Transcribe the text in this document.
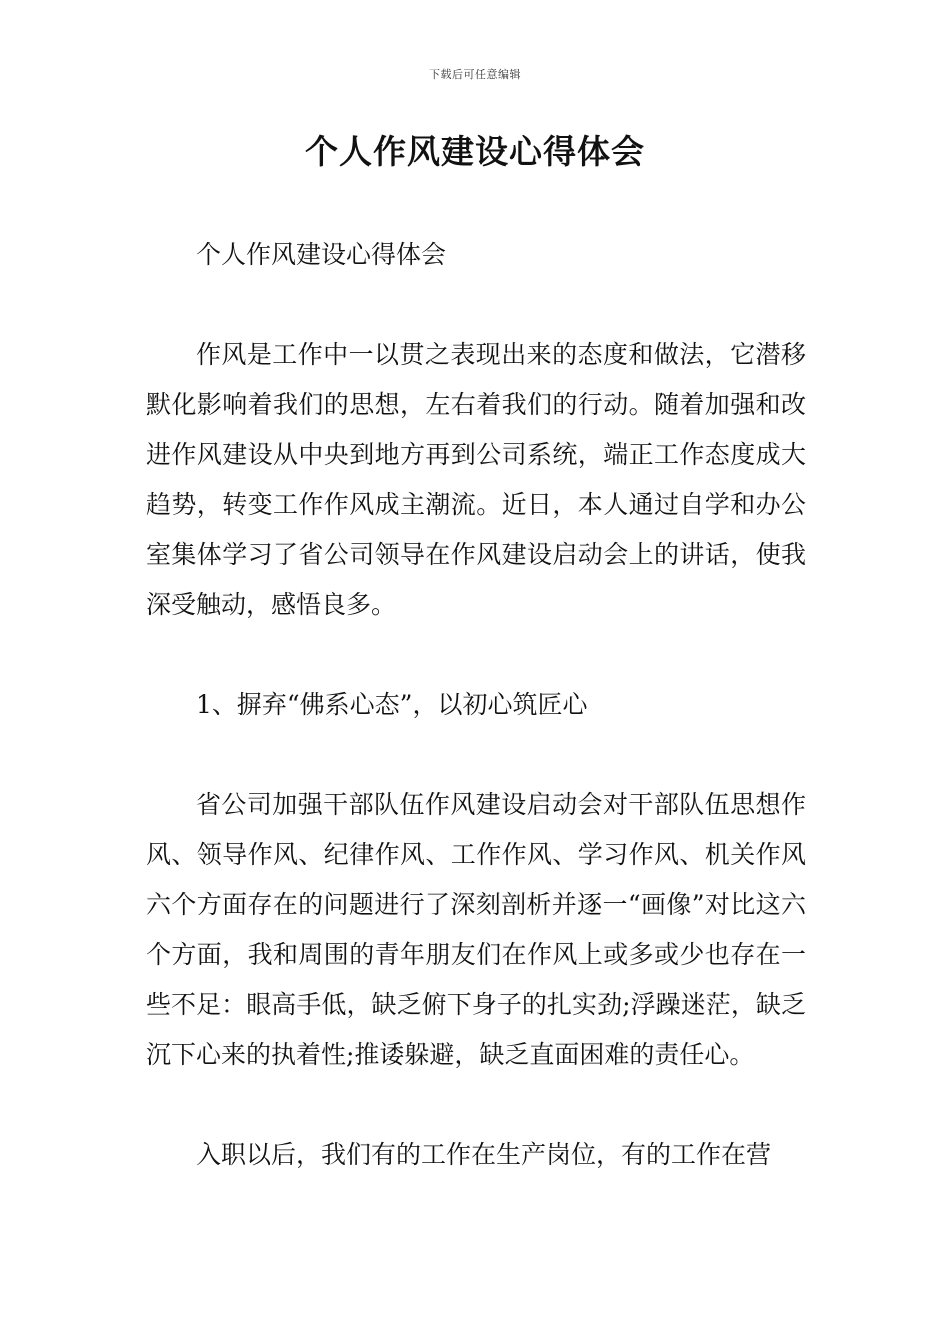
下载后可任意编辑
个人作风建设心得体会

个人作风建设心得体会

作风是工作中一以贯之表现出来的态度和做法，它潜移默化影响着我们的思想，左右着我们的行动。随着加强和改进作风建设从中央到地方再到公司系统，端正工作态度成大趋势，转变工作作风成主潮流。近日，本人通过自学和办公室集体学习了省公司领导在作风建设启动会上的讲话，使我深受触动，感悟良多。

1、摒弃“佛系心态”，以初心筑匠心

省公司加强干部队伍作风建设启动会对干部队伍思想作风、领导作风、纪律作风、工作作风、学习作风、机关作风六个方面存在的问题进行了深刻剖析并逐一“画像”对比这六个方面，我和周围的青年朋友们在作风上或多或少也存在一些不足：眼高手低，缺乏俯下身子的扎实劲;浮躁迷茫，缺乏沉下心来的执着性;推诿躲避，缺乏直面困难的责任心。

入职以后，我们有的工作在生产岗位，有的工作在营
